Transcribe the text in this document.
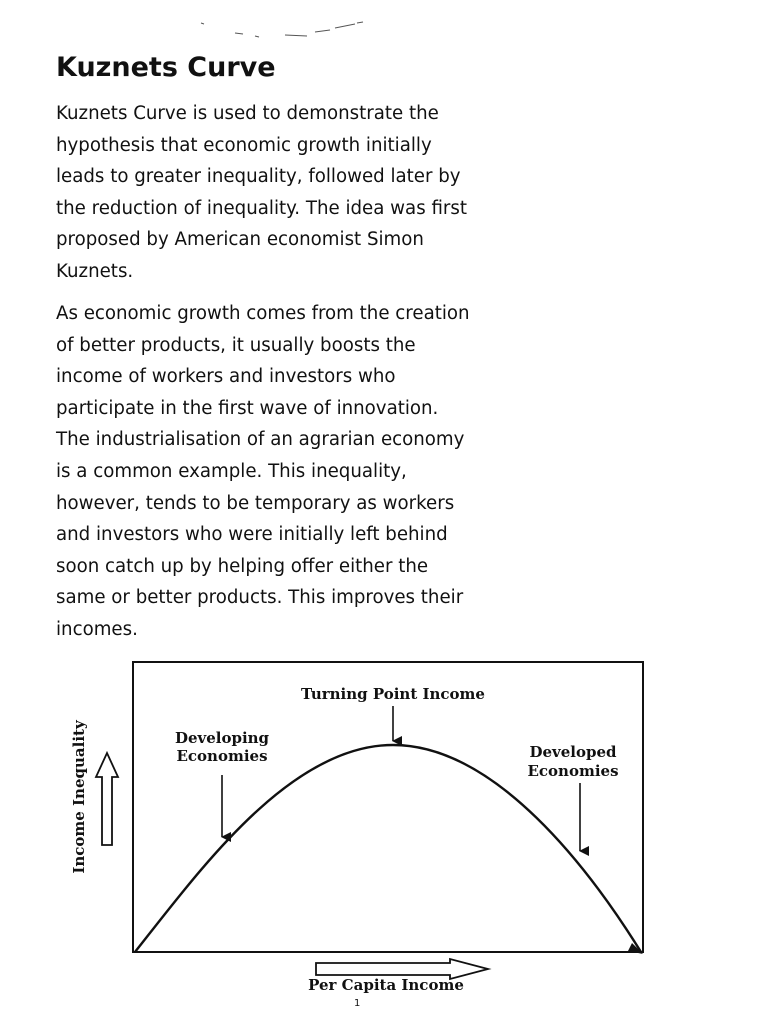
Kuznets Curve

Kuznets Curve is used to demonstrate the
hypothesis that economic growth initially
leads to greater inequality, followed later by
the reduction of inequality. The idea was first
proposed by American economist Simon
Kuznets.

As economic growth comes from the creation
of better products, it usually boosts the
income of workers and investors who
participate in the first wave of innovation.
The industrialisation of an agrarian economy
is a common example. This inequality,
however, tends to be temporary as workers
and investors who were initially left behind
soon catch up by helping offer either the
same or better products. This improves their
incomes.

Turning Point Income
Developing
Economies	Developed
Economies
Income Inequality
Per Capita Income
1
